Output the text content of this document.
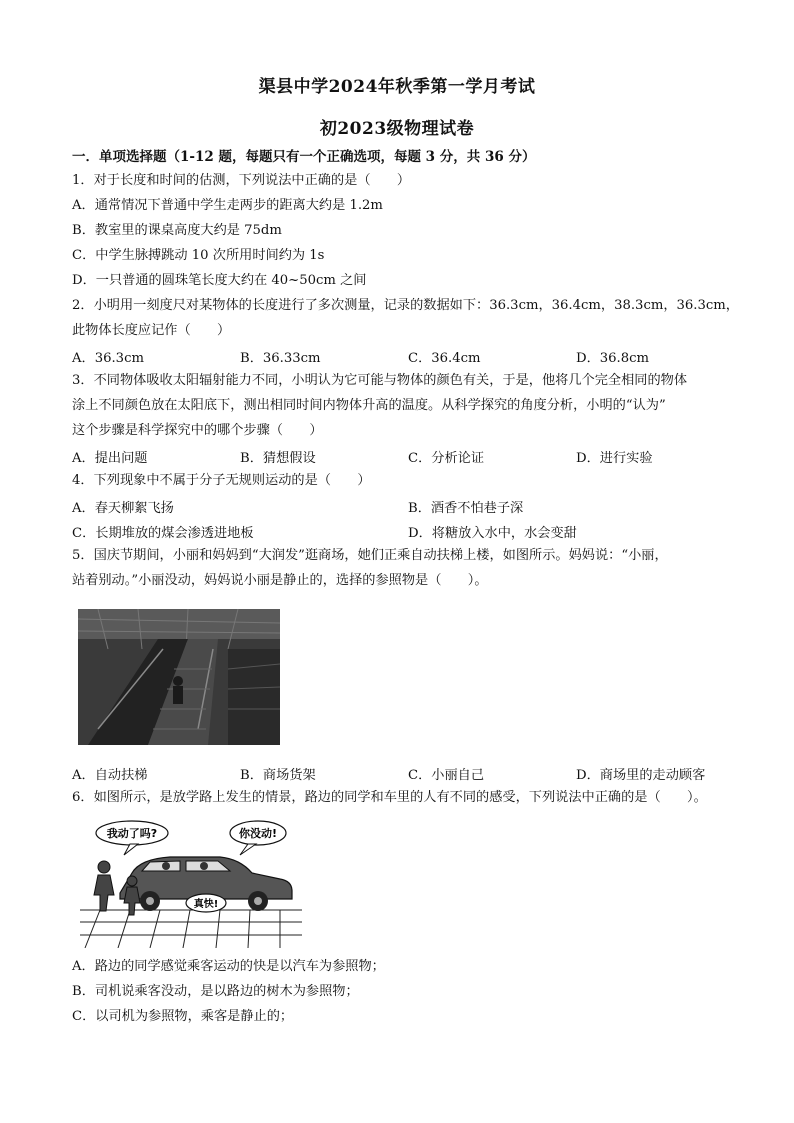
渠县中学2024年秋季第一学月考试
初2023级物理试卷
一．单项选择题（1-12 题，每题只有一个正确选项，每题 3 分，共 36 分）
1．对于长度和时间的估测，下列说法中正确的是（　　）
A．通常情况下普通中学生走两步的距离大约是 1.2m
B．教室里的课桌高度大约是 75dm
C．中学生脉搏跳动 10 次所用时间约为 1s
D．一只普通的圆珠笔长度大约在 40~50cm 之间
2．小明用一刻度尺对某物体的长度进行了多次测量，记录的数据如下：36.3cm，36.4cm，38.3cm，36.3cm，
此物体长度应记作（　　）
A．36.3cm	B．36.33cm	C．36.4cm	D．36.8cm
3．不同物体吸收太阳辐射能力不同，小明认为它可能与物体的颜色有关，于是，他将几个完全相同的物体
涂上不同颜色放在太阳底下，测出相同时间内物体升高的温度。从科学探究的角度分析，小明的“认为”
这个步骤是科学探究中的哪个步骤（　　）
A．提出问题	B．猜想假设	C．分析论证	D．进行实验
4．下列现象中不属于分子无规则运动的是（　　）
A．春天柳絮飞扬	B．酒香不怕巷子深
C．长期堆放的煤会渗透进地板	D．将糖放入水中，水会变甜
5．国庆节期间，小丽和妈妈到“大润发”逛商场，她们正乘自动扶梯上楼，如图所示。妈妈说：“小丽，
站着别动。”小丽没动，妈妈说小丽是静止的，选择的参照物是（　　）。
A．自动扶梯	B．商场货架	C．小丽自己	D．商场里的走动顾客
6．如图所示，是放学路上发生的情景，路边的同学和车里的人有不同的感受，下列说法中正确的是（　　）。
我动了吗?	你没动!
真快!
A．路边的同学感觉乘客运动的快是以汽车为参照物；
B．司机说乘客没动，是以路边的树木为参照物；
C．以司机为参照物，乘客是静止的；
